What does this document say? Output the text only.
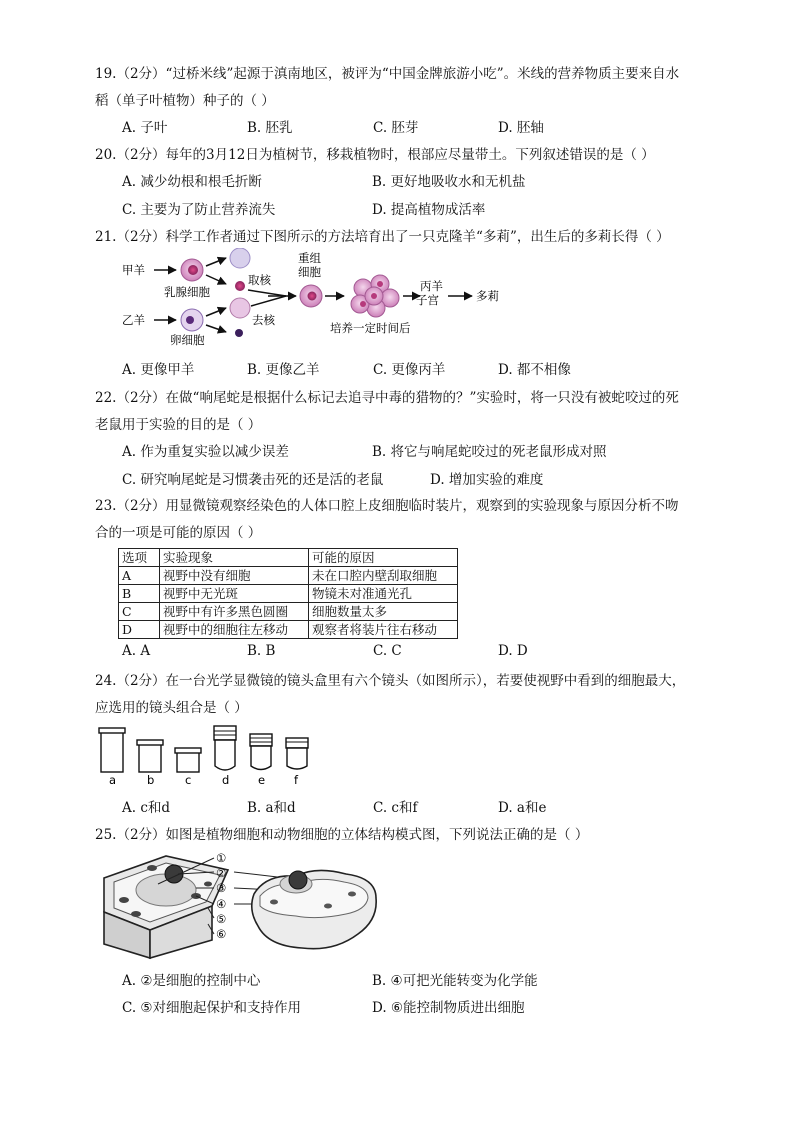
19.（2分）“过桥米线”起源于滇南地区，被评为“中国金牌旅游小吃”。米线的营养物质主要来自水
稻（单子叶植物）种子的（ ）
A. 子叶	B. 胚乳	C. 胚芽	D. 胚轴
20.（2分）每年的3月12日为植树节，移栽植物时，根部应尽量带土。下列叙述错误的是（ ）
A. 减少幼根和根毛折断	B. 更好地吸收水和无机盐
C. 主要为了防止营养流失	D. 提高植物成活率
21.（2分）科学工作者通过下图所示的方法培育出了一只克隆羊“多莉”，出生后的多莉长得（ ）
甲羊
乳腺细胞
取核
乙羊
卵细胞
去核
重组
细胞
培养一定时间后
丙羊
子宫	多莉
A. 更像甲羊	B. 更像乙羊	C. 更像丙羊	D. 都不相像
22.（2分）在做“响尾蛇是根据什么标记去追寻中毒的猎物的？”实验时，将一只没有被蛇咬过的死
老鼠用于实验的目的是（ ）
A. 作为重复实验以减少误差	B. 将它与响尾蛇咬过的死老鼠形成对照
C. 研究响尾蛇是习惯袭击死的还是活的老鼠	D. 增加实验的难度
23.（2分）用显微镜观察经染色的人体口腔上皮细胞临时装片，观察到的实验现象与原因分析不吻
合的一项是可能的原因（ ）
选项	实验现象	可能的原因
A	视野中没有细胞	未在口腔内壁刮取细胞
B	视野中无光斑	物镜未对准通光孔
C	视野中有许多黑色圆圈	细胞数量太多
D	视野中的细胞往左移动	观察者将装片往右移动
A. A	B. B	C. C	D. D
24.（2分）在一台光学显微镜的镜头盒里有六个镜头（如图所示），若要使视野中看到的细胞最大，
应选用的镜头组合是（ ）
a	b	c	d e	f
A. c和d	B. a和d	C. c和f	D. a和e
25.（2分）如图是植物细胞和动物细胞的立体结构模式图，下列说法正确的是（ ）
①
②
③
④
⑤
⑥
A. ②是细胞的控制中心	B. ④可把光能转变为化学能
C. ⑤对细胞起保护和支持作用	D. ⑥能控制物质进出细胞
